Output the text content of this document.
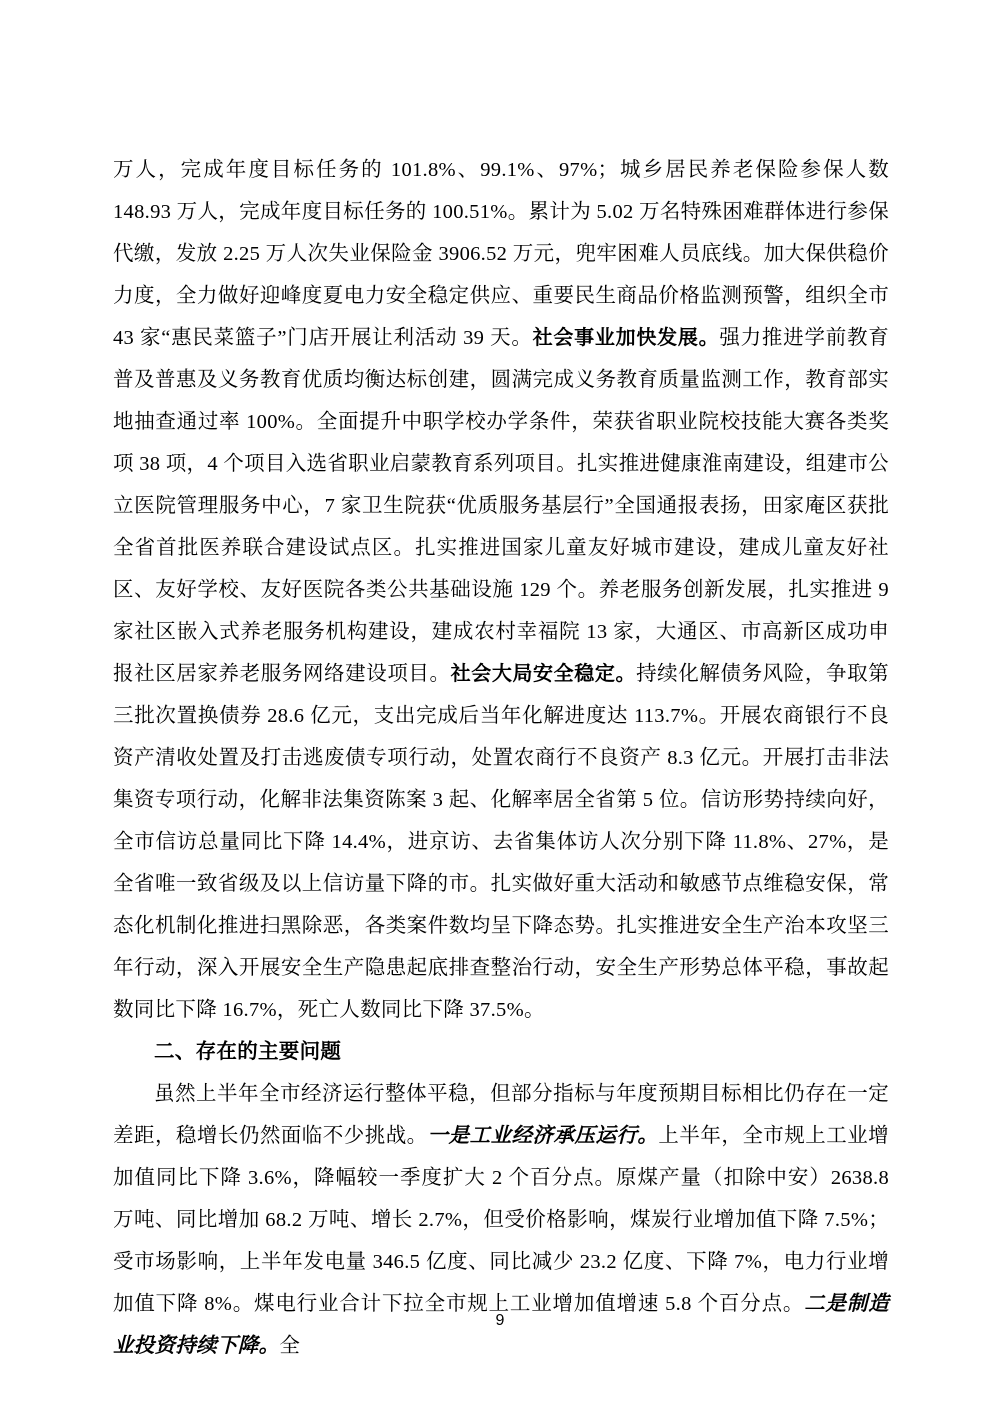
万人，完成年度目标任务的 101.8%、99.1%、97%；城乡居民养老保险参保人数 148.93 万人，完成年度目标任务的 100.51%。累计为 5.02 万名特殊困难群体进行参保代缴，发放 2.25 万人次失业保险金 3906.52 万元，兜牢困难人员底线。加大保供稳价力度，全力做好迎峰度夏电力安全稳定供应、重要民生商品价格监测预警，组织全市 43 家“惠民菜篮子”门店开展让利活动 39 天。社会事业加快发展。强力推进学前教育普及普惠及义务教育优质均衡达标创建，圆满完成义务教育质量监测工作，教育部实地抽查通过率 100%。全面提升中职学校办学条件，荣获省职业院校技能大赛各类奖项 38 项，4 个项目入选省职业启蒙教育系列项目。扎实推进健康淮南建设，组建市公立医院管理服务中心，7 家卫生院获“优质服务基层行”全国通报表扬，田家庵区获批全省首批医养联合建设试点区。扎实推进国家儿童友好城市建设，建成儿童友好社区、友好学校、友好医院各类公共基础设施 129 个。养老服务创新发展，扎实推进 9 家社区嵌入式养老服务机构建设，建成农村幸福院 13 家，大通区、市高新区成功申报社区居家养老服务网络建设项目。社会大局安全稳定。持续化解债务风险，争取第三批次置换债券 28.6 亿元，支出完成后当年化解进度达 113.7%。开展农商银行不良资产清收处置及打击逃废债专项行动，处置农商行不良资产 8.3 亿元。开展打击非法集资专项行动，化解非法集资陈案 3 起、化解率居全省第 5 位。信访形势持续向好，全市信访总量同比下降 14.4%，进京访、去省集体访人次分别下降 11.8%、27%，是全省唯一致省级及以上信访量下降的市。扎实做好重大活动和敏感节点维稳安保，常态化机制化推进扫黑除恶，各类案件数均呈下降态势。扎实推进安全生产治本攻坚三年行动，深入开展安全生产隐患起底排查整治行动，安全生产形势总体平稳，事故起数同比下降 16.7%，死亡人数同比下降 37.5%。

二、存在的主要问题

虽然上半年全市经济运行整体平稳，但部分指标与年度预期目标相比仍存在一定差距，稳增长仍然面临不少挑战。一是工业经济承压运行。上半年，全市规上工业增加值同比下降 3.6%，降幅较一季度扩大 2 个百分点。原煤产量（扣除中安）2638.8 万吨、同比增加 68.2 万吨、增长 2.7%，但受价格影响，煤炭行业增加值下降 7.5%；受市场影响，上半年发电量 346.5 亿度、同比减少 23.2 亿度、下降 7%，电力行业增加值下降 8%。煤电行业合计下拉全市规上工业增加值增速 5.8 个百分点。二是制造业投资持续下降。全

9
